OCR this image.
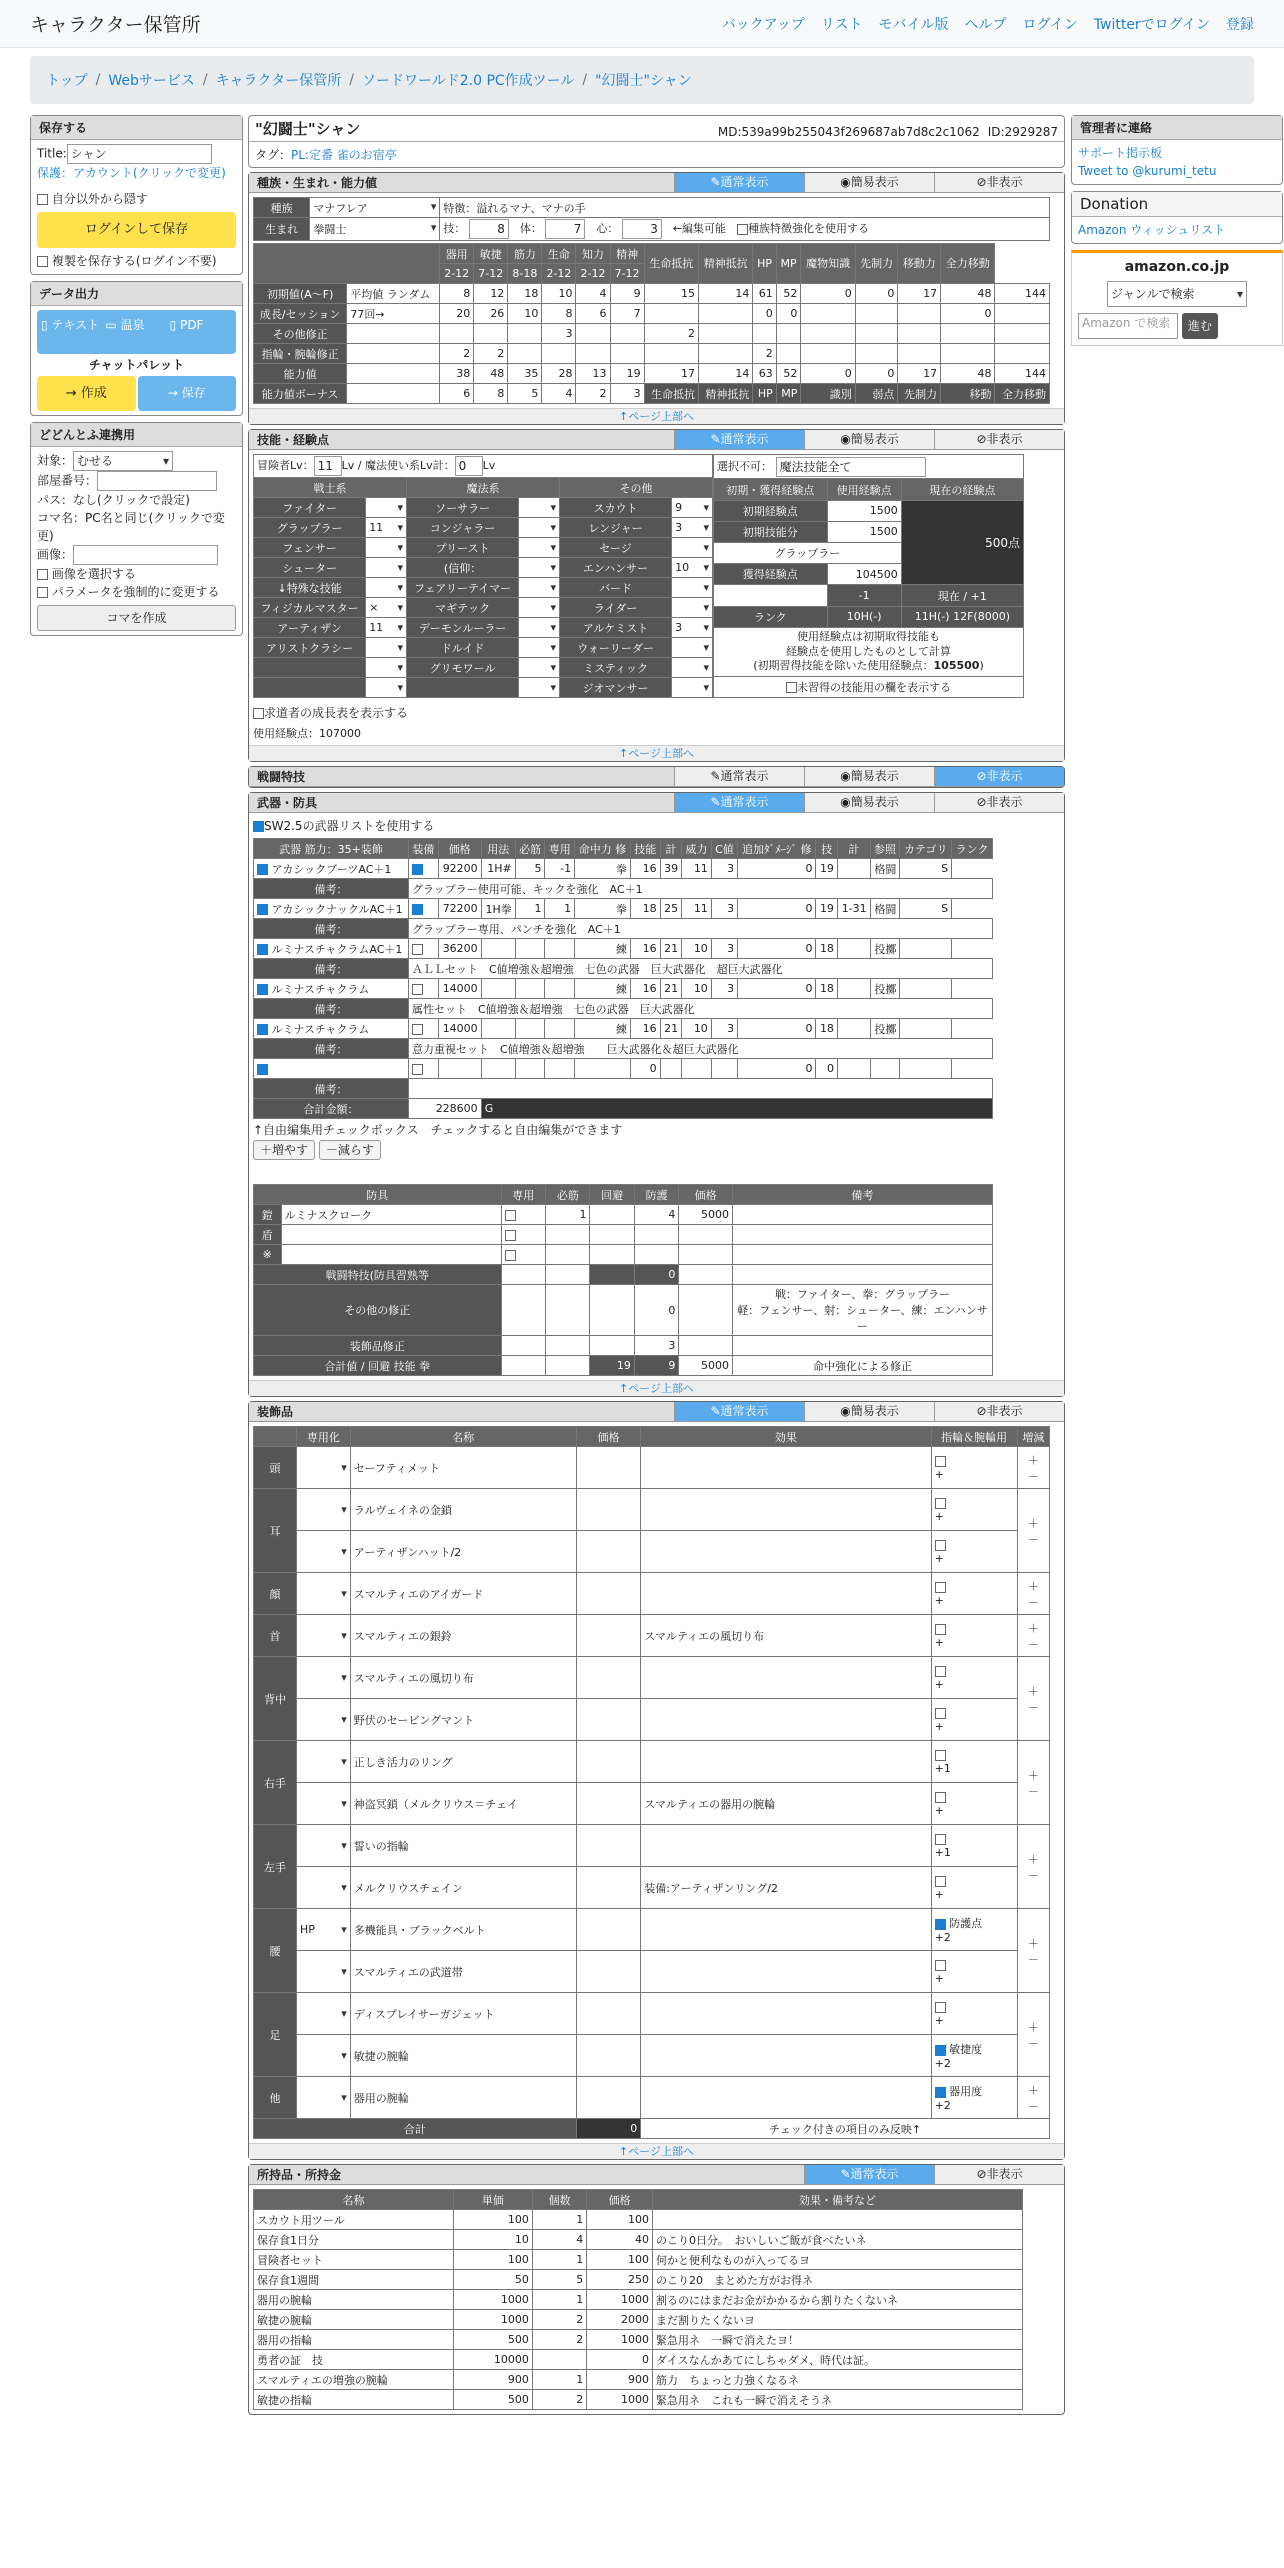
キャラクター保管所	バックアップ リスト モバイル版 ヘルプ ログイン Twitterでログイン 登録
トップ / Webサービス / キャラクター保管所 / ソードワールド2.0 PC作成ツール / "幻闘士"シャン
保存する
Title: シャン
保護：アカウント(クリックで変更)
自分以外から隠す
ログインして保存
複製を保存する(ログイン不要)
データ出力
▯ テキスト ▭ 温泉	▯ PDF
チャットパレット
→ 作成	→ 保存
どどんとふ連携用
対象： むせる ▾
部屋番号：
パス：なし(クリックで設定)
コマ名：PC名と同じ(クリックで変更)
画像：
画像を選択する
パラメータを強制的に変更する
コマを作成
管理者に連絡
サポート掲示板
Tweet to @kurumi_tetu
Donation
Amazon ウィッシュリスト
amazon.co.jp
ジャンルで検索 ▾
Amazon で検索	進む
"幻闘士"シャン	MD:539a99b255043f269687ab7d8c2c1062 ID:2929287
タグ：PL:定番 雀のお宿亭
種族・生まれ・能力値	✎通常表示	◉簡易表示	⊘非表示
種族	マナフレア ▾	特徴：溢れるマナ、マナの手
生まれ	拳闘士 ▾	技： 8　 体： 7　 心： 3　 ←編集可能　 種族特徴強化を使用する
		器用	敏捷	筋力	生命	知力	精神	生命抵抗	精神抵抗	HP	MP	魔物知識	先制力	移動力	全力移動	
		2-12	7-12	8-18	2-12	2-12	7-12									
初期値(A～F)	平均値 ランダム	8	12	18	10	4	9	15	14	61	52	0	0	17	48	144
成長/セッション	77回→	20	26	10	8	6	7			0	0				0	
その他修正					3			2								
指輪・腕輪修正		2	2							2						
能力値		38	48	35	28	13	19	17	14	63	52	0	0	17	48	144
能力値ボーナス		6	8	5	4	2	3	生命抵抗	精神抵抗	HP	MP	識別	弱点	先制力	移動	全力移動
↑ページ上部へ
技能・経験点	✎通常表示	◉簡易表示	⊘非表示
冒険者Lv： 11 Lv / 魔法使い系Lv計： 0 Lv					
戦士系		魔法系		その他	
ファイター	▾	ソーサラー	▾	スカウト	9 ▾
グラップラー	11 ▾	コンジャラー	▾	レンジャー	3 ▾
フェンサー	▾	プリースト	▾	セージ	▾
シューター	▾	(信仰：	▾	エンハンサー	10 ▾
↓特殊な技能	▾	フェアリーテイマー	▾	バード	▾
フィジカルマスター	× ▾	マギテック	▾	ライダー	▾
アーティザン	11 ▾	デーモンルーラー	▾	アルケミスト	3 ▾
アリストクラシー	▾	ドルイド	▾	ウォーリーダー	▾
	▾	グリモワール	▾	ミスティック	▾
	▾		▾	ジオマンサー	▾
選択不可： 魔法技能全て		
初期・獲得経験点	使用経験点	現在の経験点
初期経験点	1500	500点
初期技能分	1500	
グラップラー		
獲得経験点	104500	
	-1	現在 / +1
ランク	10H(-)	11H(-) 12F(8000)
使用経験点は初期取得技能も
経験点を使用したものとして計算
(初期習得技能を除いた使用経験点：105500)		
未習得の技能用の欄を表示する		
求道者の成長表を表示する
使用経験点：107000
↑ページ上部へ
戦闘特技	✎通常表示	◉簡易表示	⊘非表示
武器・防具	✎通常表示	◉簡易表示	⊘非表示
SW2.5の武器リストを使用する
武器 筋力：35+装飾	装備	価格	用法	必筋	専用	命中力 修	技能	計	威力	C値	追加ﾀﾞﾒｰｼﾞ 修	技	計	参照	カテゴリ	ランク
アカシックブーツAC＋1		92200	1H#	5	-1	拳	16	39	11	3	0	19		格闘	S	
備考：	グラップラー使用可能、キックを強化　AC＋1															
アカシックナックルAC＋1		72200	1H拳	1	1	拳	18	25	11	3	0	19	1-31	格闘	S	
備考：	グラップラー専用、パンチを強化　AC＋1															
ルミナスチャクラムAC＋1		36200				練	16	21	10	3	0	18		投擲		
備考：	ＡＬＬセット　C値増強＆超増強　七色の武器　巨大武器化　超巨大武器化															
ルミナスチャクラム		14000				練	16	21	10	3	0	18		投擲		
備考：	属性セット　C値増強＆超増強　七色の武器　巨大武器化															
ルミナスチャクラム		14000				練	16	21	10	3	0	18		投擲		
備考：	意力重視セット　C値増強＆超増強　　巨大武器化＆超巨大武器化															
							0				0	0				
備考：																
合計金額：	228600		G													
↑自由編集用チェックボックス　チェックすると自由編集ができます
＋増やす －減らす
防具		専用	必筋	回避	防護	価格	備考
鎧	ルミナスクローク		1		4	5000	
盾							
※							
戦闘特技(防具習熟等					0		
その他の修正					0		戦：ファイター、拳：グラップラー
軽：フェンサー、射：シューター、練：エンハンサー
装飾品修正					3		
合計値 / 回避 技能 拳				19	9	5000	命中強化による修正
↑ページ上部へ
装飾品	✎通常表示	◉簡易表示	⊘非表示
	専用化	名称	価格	効果	指輪＆腕輪用	増減
頭	▾	セーフティメット			+	＋
－
耳	▾	ラルヴェイネの金鎖			+	＋
－
▾	アーティザンハット/2			+	
顔	▾	スマルティエのアイガード			+	＋
－
首	▾	スマルティエの銀鈴		スマルティエの風切り布	+	＋
－
背中	▾	スマルティエの風切り布			+	＋
－
▾	野伏のセービングマント			+	
右手	▾	正しき活力のリング			+1	＋
－
▾	神盗冥鎖（メルクリウス＝チェイ		スマルティエの器用の腕輪	+	
左手	▾	誓いの指輪			+1	＋
－
▾	メルクリウスチェイン		装備:アーティザンリング/2	+	
腰	HP ▾	多機能具・ブラックベルト			防護点
+2	＋
－
▾	スマルティエの武道帯			+	
足	▾	ディスプレイサーガジェット			+	＋
－
▾	敏捷の腕輪			敏捷度
+2	
他	▾	器用の腕輪			器用度
+2	＋
－
合計			0	チェック付きの項目のみ反映↑		
↑ページ上部へ
所持品・所持金	✎通常表示	⊘非表示
名称	単価	個数	価格	効果・備考など
スカウト用ツール	100	1	100	
保存食1日分	10	4	40	のこり0日分。　おいしいご飯が食べたいネ
冒険者セット	100	1	100	何かと便利なものが入ってるヨ
保存食1週間	50	5	250	のこり20　まとめた方がお得ネ
器用の腕輪	1000	1	1000	割るのにはまだお金がかかるから割りたくないネ
敏捷の腕輪	1000	2	2000	まだ割りたくないヨ
器用の指輪	500	2	1000	緊急用ネ　一瞬で消えたヨ！
勇者の証　技	10000		0	ダイスなんかあてにしちゃダメ、時代は証。
スマルティエの増強の腕輪	900	1	900	筋力　ちょっと力強くなるネ
敏捷の指輪	500	2	1000	緊急用ネ　これも一瞬で消えそうネ
